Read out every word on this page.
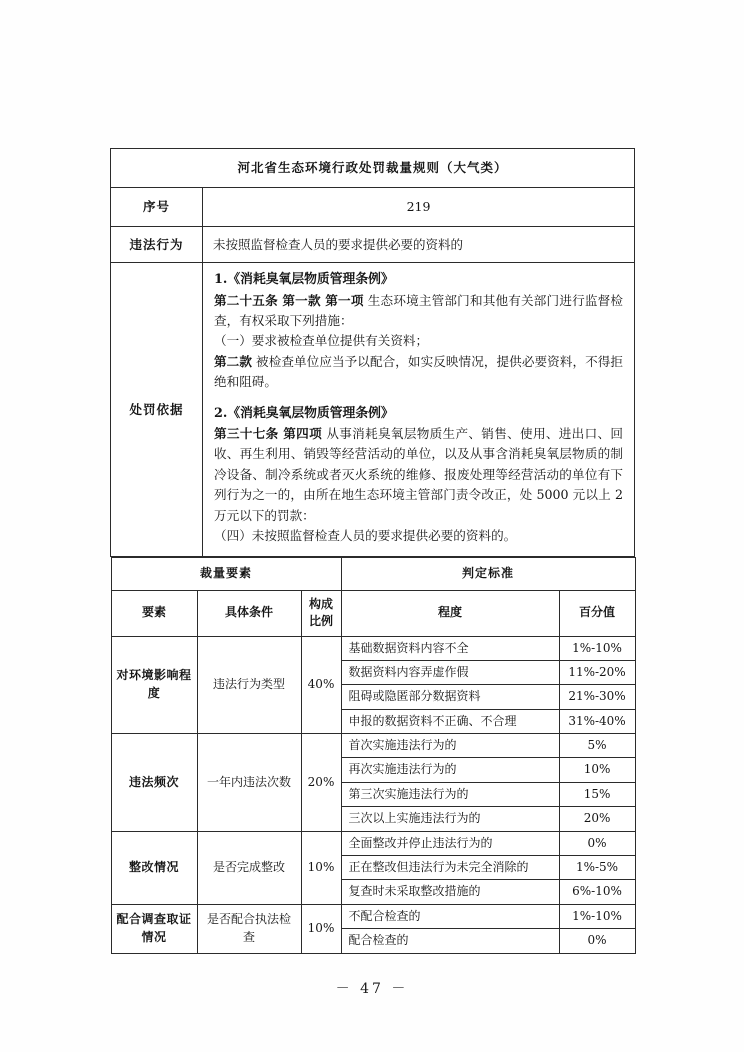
河北省生态环境行政处罚裁量规则（大气类）
序号	219
违法行为	未按照监督检查人员的要求提供必要的资料的
处罚依据	
1.《消耗臭氧层物质管理条例》
第二十五条 第一款 第一项 生态环境主管部门和其他有关部门进行监督检查，有权采取下列措施：
（一）要求被检查单位提供有关资料；
第二款 被检查单位应当予以配合，如实反映情况，提供必要资料，不得拒绝和阻碍。
2.《消耗臭氧层物质管理条例》
第三十七条 第四项 从事消耗臭氧层物质生产、销售、使用、进出口、回收、再生利用、销毁等经营活动的单位，以及从事含消耗臭氧层物质的制冷设备、制冷系统或者灭火系统的维修、报废处理等经营活动的单位有下列行为之一的，由所在地生态环境主管部门责令改正，处 5000 元以上 2 万元以下的罚款：
（四）未按照监督检查人员的要求提供必要的资料的。

裁量要素	判定标准
要素	具体条件	构成比例	程度	百分值
对环境影响程度	违法行为类型	40%	基础数据资料内容不全	1%-10%
数据资料内容弄虚作假	11%-20%
阻碍或隐匿部分数据资料	21%-30%
申报的数据资料不正确、不合理	31%-40%
违法频次	一年内违法次数	20%	首次实施违法行为的	5%
再次实施违法行为的	10%
第三次实施违法行为的	15%
三次以上实施违法行为的	20%
整改情况	是否完成整改	10%	全面整改并停止违法行为的	0%
正在整改但违法行为未完全消除的	1%-5%
复查时未采取整改措施的	6%-10%
配合调查取证情况	是否配合执法检查	10%	不配合检查的	1%-10%
配合检查的	0%
－ 47 －
